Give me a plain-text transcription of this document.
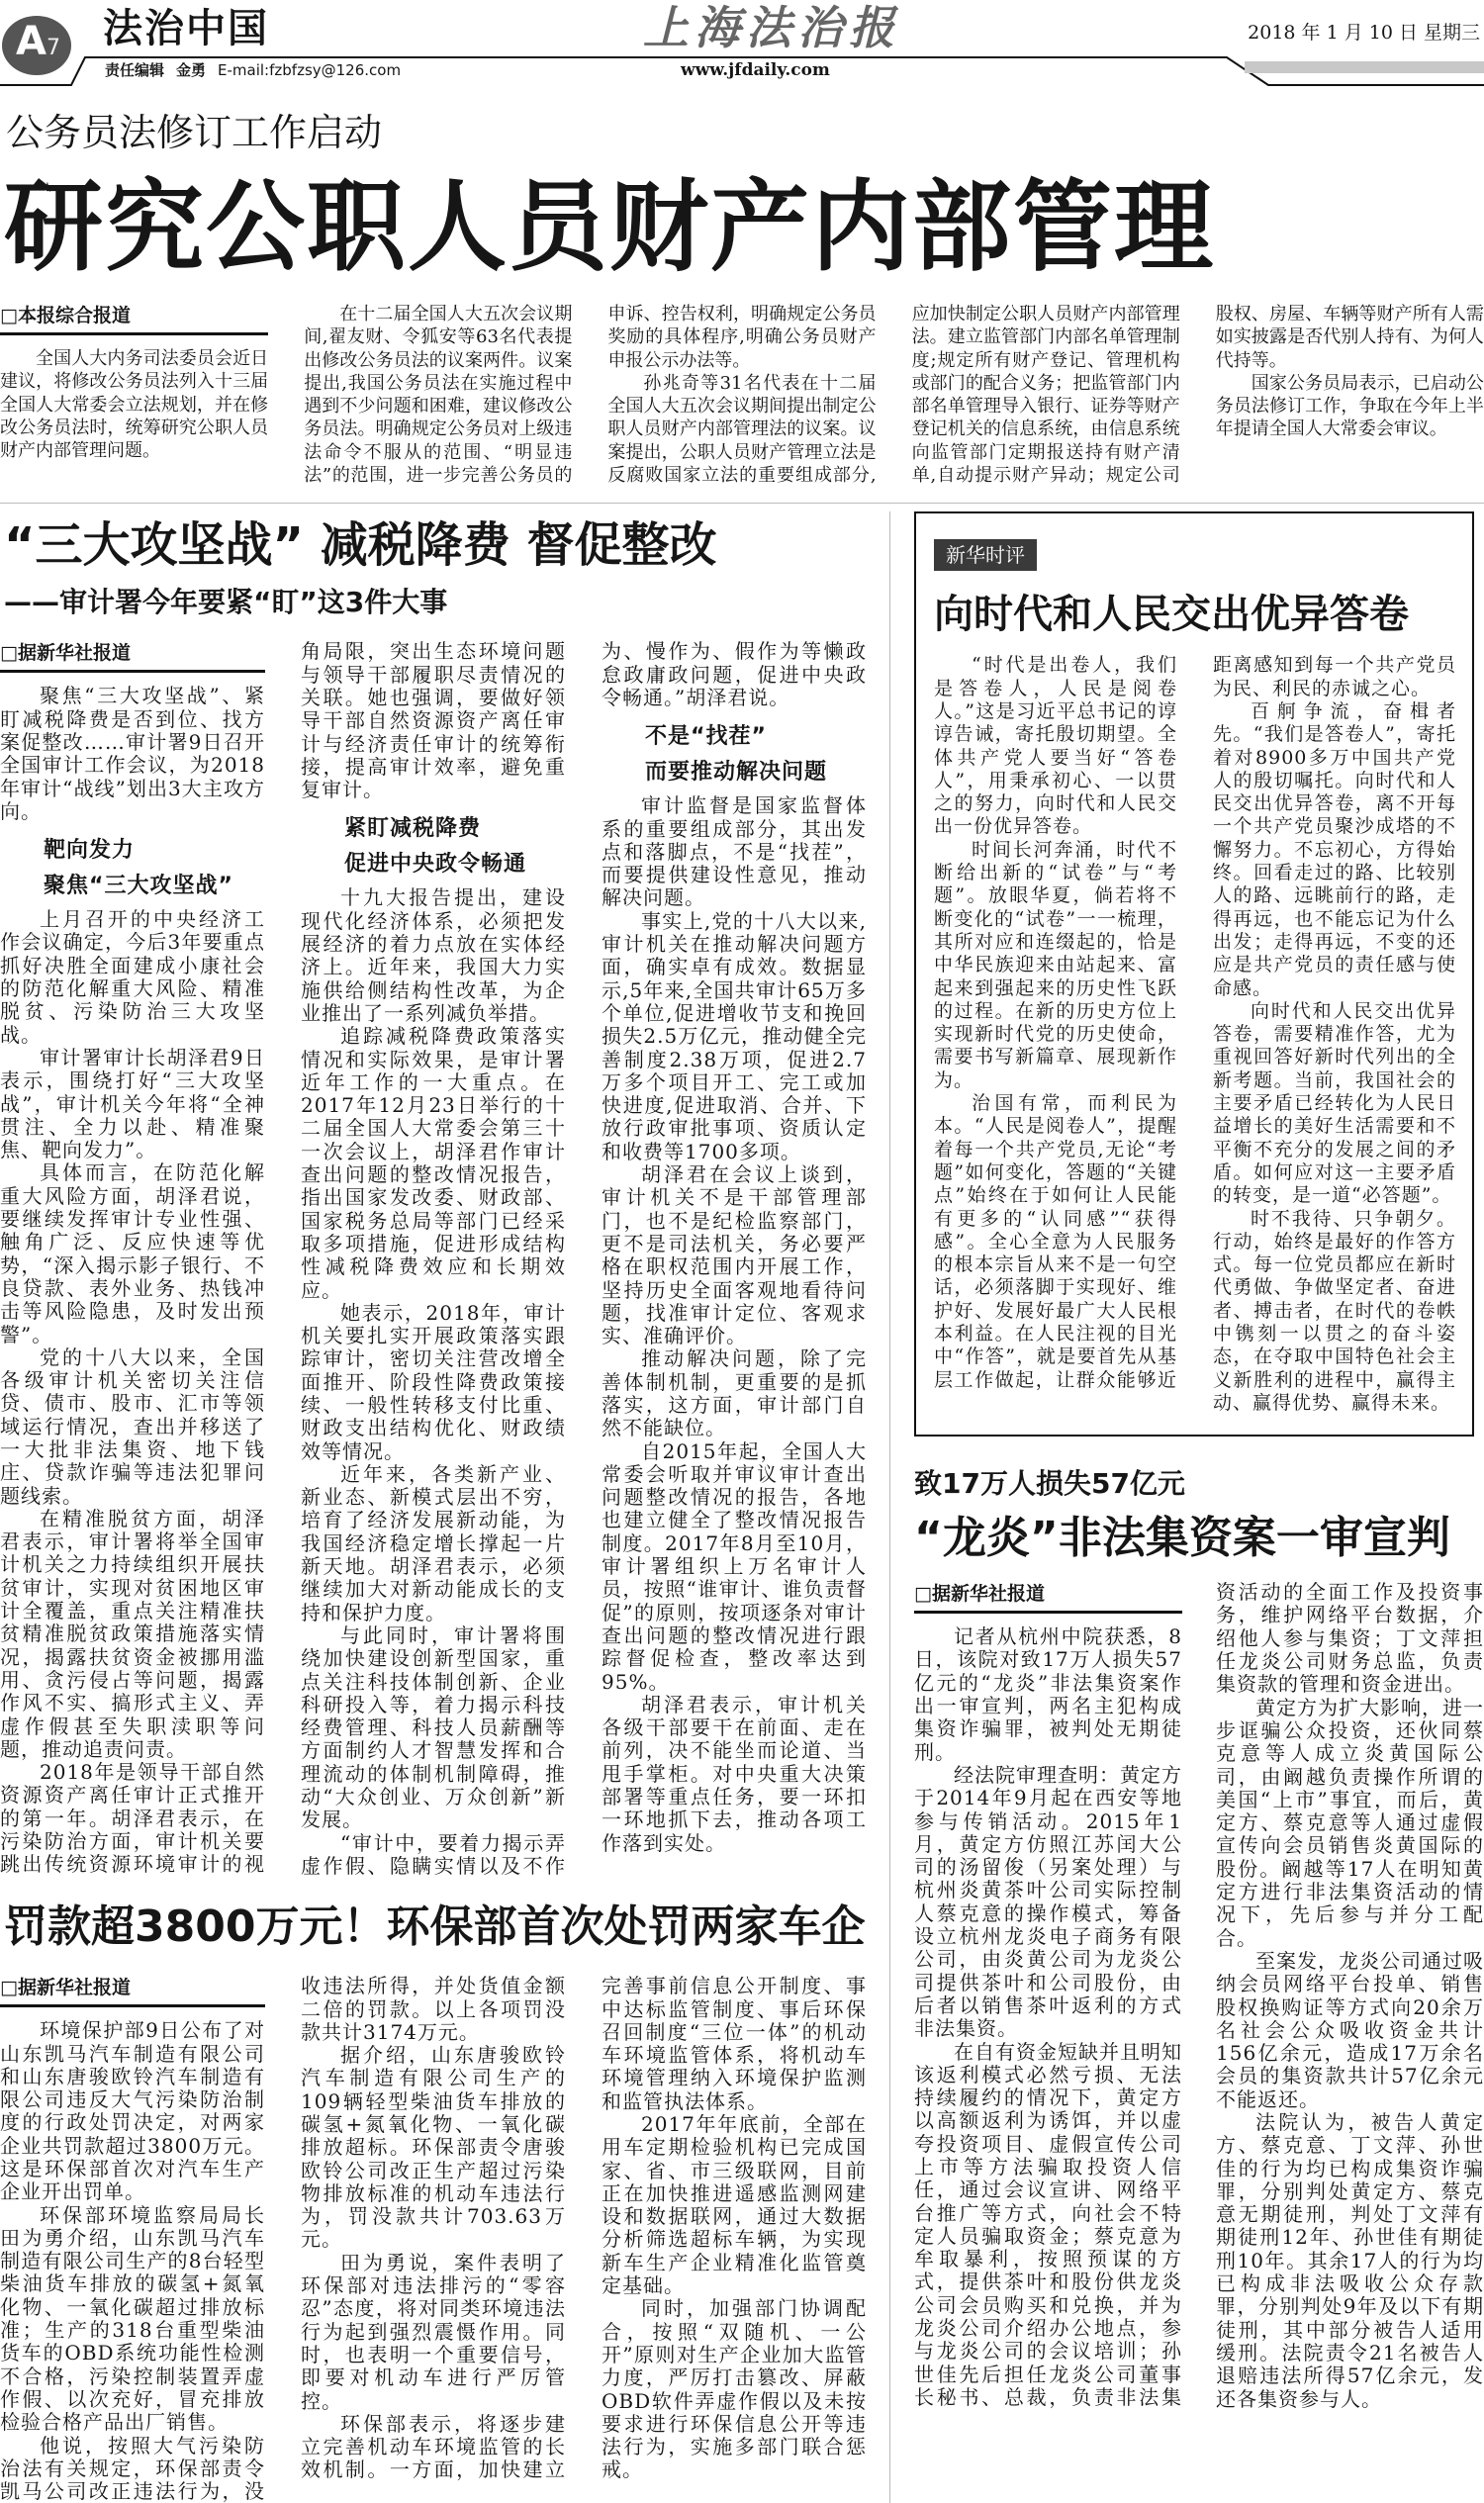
A7 法治中国	上海法治报	2018 年 1 月 10 日 星期三
责任编辑 金勇 E-mail:fzbfzsy@126.com	www.jfdaily.com
公务员法修订工作启动
研究公职人员财产内部管理

□本报综合报道

全国人大内务司法委员会近日建议，将修改公务员法列入十三届全国人大常委会立法规划，并在修改公务员法时，统筹研究公职人员财产内部管理问题。

在十二届全国人大五次会议期间,翟友财、令狐安等63名代表提出修改公务员法的议案两件。议案提出,我国公务员法在实施过程中遇到不少问题和困难，建议修改公务员法。明确规定公务员对上级违法命令不服从的范围、“明显违法”的范围，进一步完善公务员的申诉、控告权利，明确规定公务员奖励的具体程序,明确公务员财产申报公示办法等。

孙兆奇等31名代表在十二届全国人大五次会议期间提出制定公职人员财产内部管理法的议案。议案提出，公职人员财产管理立法是反腐败国家立法的重要组成部分,应加快制定公职人员财产内部管理法。建立监管部门内部名单管理制度;规定所有财产登记、管理机构或部门的配合义务；把监管部门内部名单管理导入银行、证券等财产登记机关的信息系统，由信息系统向监管部门定期报送持有财产清单,自动提示财产异动；规定公司股权、房屋、车辆等财产所有人需如实披露是否代别人持有、为何人代持等。

国家公务员局表示，已启动公务员法修订工作，争取在今年上半年提请全国人大常委会审议。

“三大攻坚战” 减税降费 督促整改
——审计署今年要紧“盯”这3件大事

□据新华社报道

聚焦“三大攻坚战”、紧盯减税降费是否到位、找方案促整改……审计署9日召开全国审计工作会议，为2018年审计“战线”划出3大主攻方向。

靶向发力

聚焦“三大攻坚战”

上月召开的中央经济工作会议确定，今后3年要重点抓好决胜全面建成小康社会的防范化解重大风险、精准脱贫、污染防治三大攻坚战。

审计署审计长胡泽君9日表示，围绕打好“三大攻坚战”，审计机关今年将“全神贯注、全力以赴、精准聚焦、靶向发力”。

具体而言，在防范化解重大风险方面，胡泽君说，要继续发挥审计专业性强、触角广泛、反应快速等优势，“深入揭示影子银行、不良贷款、表外业务、热钱冲击等风险隐患，及时发出预警”。

党的十八大以来，全国各级审计机关密切关注信贷、债市、股市、汇市等领域运行情况，查出并移送了一大批非法集资、地下钱庄、贷款诈骗等违法犯罪问题线索。

在精准脱贫方面，胡泽君表示，审计署将举全国审计机关之力持续组织开展扶贫审计，实现对贫困地区审计全覆盖，重点关注精准扶贫精准脱贫政策措施落实情况，揭露扶贫资金被挪用滥用、贪污侵占等问题，揭露作风不实、搞形式主义、弄虚作假甚至失职渎职等问题，推动追责问责。

2018年是领导干部自然资源资产离任审计正式推开的第一年。胡泽君表示，在污染防治方面，审计机关要跳出传统资源环境审计的视角局限，突出生态环境问题与领导干部履职尽责情况的关联。她也强调，要做好领导干部自然资源资产离任审计与经济责任审计的统筹衔接，提高审计效率，避免重复审计。

紧盯减税降费

促进中央政令畅通

十九大报告提出，建设现代化经济体系，必须把发展经济的着力点放在实体经济上。近年来，我国大力实施供给侧结构性改革，为企业推出了一系列减负举措。

追踪减税降费政策落实情况和实际效果，是审计署近年工作的一大重点。在2017年12月23日举行的十二届全国人大常委会第三十一次会议上，胡泽君作审计查出问题的整改情况报告，指出国家发改委、财政部、国家税务总局等部门已经采取多项措施，促进形成结构性减税降费效应和长期效应。

她表示，2018年，审计机关要扎实开展政策落实跟踪审计，密切关注营改增全面推开、阶段性降费政策接续、一般性转移支付比重、财政支出结构优化、财政绩效等情况。

近年来，各类新产业、新业态、新模式层出不穷，培育了经济发展新动能，为我国经济稳定增长撑起一片新天地。胡泽君表示，必须继续加大对新动能成长的支持和保护力度。

与此同时，审计署将围绕加快建设创新型国家，重点关注科技体制创新、企业科研投入等，着力揭示科技经费管理、科技人员薪酬等方面制约人才智慧发挥和合理流动的体制机制障碍，推动“大众创业、万众创新”新发展。

“审计中，要着力揭示弄虚作假、隐瞒实情以及不作为、慢作为、假作为等懒政怠政庸政问题，促进中央政令畅通。”胡泽君说。

不是“找茬”

而要推动解决问题

审计监督是国家监督体系的重要组成部分，其出发点和落脚点，不是“找茬”，而要提供建设性意见，推动解决问题。

事实上,党的十八大以来,审计机关在推动解决问题方面，确实卓有成效。数据显示,5年来,全国共审计65万多个单位,促进增收节支和挽回损失2.5万亿元，推动健全完善制度2.38万项，促进2.7万多个项目开工、完工或加快进度,促进取消、合并、下放行政审批事项、资质认定和收费等1700多项。

胡泽君在会议上谈到，审计机关不是干部管理部门，也不是纪检监察部门，更不是司法机关，务必要严格在职权范围内开展工作，坚持历史全面客观地看待问题，找准审计定位、客观求实、准确评价。

推动解决问题，除了完善体制机制，更重要的是抓落实，这方面，审计部门自然不能缺位。

自2015年起，全国人大常委会听取并审议审计查出问题整改情况的报告，各地也建立健全了整改情况报告制度。2017年8月至10月，审计署组织上万名审计人员，按照“谁审计、谁负责督促”的原则，按项逐条对审计查出问题的整改情况进行跟踪督促检查，整改率达到95%。

胡泽君表示，审计机关各级干部要干在前面、走在前列，决不能坐而论道、当甩手掌柜。对中央重大决策部署等重点任务，要一环扣一环地抓下去，推动各项工作落到实处。

罚款超3800万元！环保部首次处罚两家车企

□据新华社报道

环境保护部9日公布了对山东凯马汽车制造有限公司和山东唐骏欧铃汽车制造有限公司违反大气污染防治制度的行政处罚决定，对两家企业共罚款超过3800万元。这是环保部首次对汽车生产企业开出罚单。

环保部环境监察局局长田为勇介绍，山东凯马汽车制造有限公司生产的8台轻型柴油货车排放的碳氢+氮氧化物、一氧化碳超过排放标准；生产的318台重型柴油货车的OBD系统功能性检测不合格，污染控制装置弄虚作假、以次充好，冒充排放检验合格产品出厂销售。

他说，按照大气污染防治法有关规定，环保部责令凯马公司改正违法行为，没收违法所得，并处货值金额二倍的罚款。以上各项罚没款共计3174万元。

据介绍，山东唐骏欧铃汽车制造有限公司生产的109辆轻型柴油货车排放的碳氢+氮氧化物、一氧化碳排放超标。环保部责令唐骏欧铃公司改正生产超过污染物排放标准的机动车违法行为，罚没款共计703.63万元。

田为勇说，案件表明了环保部对违法排污的“零容忍”态度，将对同类环境违法行为起到强烈震慑作用。同时，也表明一个重要信号，即要对机动车进行严厉管控。

环保部表示，将逐步建立完善机动车环境监管的长效机制。一方面，加快建立完善事前信息公开制度、事中达标监管制度、事后环保召回制度“三位一体”的机动车环境监管体系，将机动车环境管理纳入环境保护监测和监管执法体系。

2017年年底前，全部在用车定期检验机构已完成国家、省、市三级联网，目前正在加快推进遥感监测网建设和数据联网，通过大数据分析筛选超标车辆，为实现新车生产企业精准化监管奠定基础。

同时，加强部门协调配合，按照“双随机、一公开”原则对生产企业加大监管力度，严厉打击篡改、屏蔽OBD软件弄虚作假以及未按要求进行环保信息公开等违法行为，实施多部门联合惩戒。

新华时评
向时代和人民交出优异答卷

“时代是出卷人，我们是答卷人，人民是阅卷人。”这是习近平总书记的谆谆告诫，寄托殷切期望。全体共产党人要当好“答卷人”，用秉承初心、一以贯之的努力，向时代和人民交出一份优异答卷。

时间长河奔涌，时代不断给出新的“试卷”与“考题”。放眼华夏，倘若将不断变化的“试卷”一一梳理，其所对应和连缀起的，恰是中华民族迎来由站起来、富起来到强起来的历史性飞跃的过程。在新的历史方位上实现新时代党的历史使命，需要书写新篇章、展现新作为。

治国有常，而利民为本。“人民是阅卷人”，提醒着每一个共产党员,无论“考题”如何变化，答题的“关键点”始终在于如何让人民能有更多的“认同感”“获得感”。全心全意为人民服务的根本宗旨从来不是一句空话，必须落脚于实现好、维护好、发展好最广大人民根本利益。在人民注视的目光中“作答”，就是要首先从基层工作做起，让群众能够近距离感知到每一个共产党员为民、利民的赤诚之心。

百舸争流，奋楫者先。“我们是答卷人”，寄托着对8900多万中国共产党人的殷切嘱托。向时代和人民交出优异答卷，离不开每一个共产党员聚沙成塔的不懈努力。不忘初心，方得始终。回看走过的路、比较别人的路、远眺前行的路，走得再远，也不能忘记为什么出发；走得再远，不变的还应是共产党员的责任感与使命感。

向时代和人民交出优异答卷，需要精准作答，尤为重视回答好新时代列出的全新考题。当前，我国社会的主要矛盾已经转化为人民日益增长的美好生活需要和不平衡不充分的发展之间的矛盾。如何应对这一主要矛盾的转变，是一道“必答题”。

时不我待、只争朝夕。行动，始终是最好的作答方式。每一位党员都应在新时代勇做、争做坚定者、奋进者、搏击者，在时代的卷帙中镌刻一以贯之的奋斗姿态，在夺取中国特色社会主义新胜利的进程中，赢得主动、赢得优势、赢得未来。

致17万人损失57亿元
“龙炎”非法集资案一审宣判

□据新华社报道

记者从杭州中院获悉，8日，该院对致17万人损失57亿元的“龙炎”非法集资案作出一审宣判，两名主犯构成集资诈骗罪，被判处无期徒刑。

经法院审理查明：黄定方于2014年9月起在西安等地参与传销活动。2015年1月，黄定方仿照江苏闰大公司的汤留俊（另案处理）与杭州炎黄茶叶公司实际控制人蔡克意的操作模式，筹备设立杭州龙炎电子商务有限公司，由炎黄公司为龙炎公司提供茶叶和公司股份，由后者以销售茶叶返利的方式非法集资。

在自有资金短缺并且明知该返利模式必然亏损、无法持续履约的情况下，黄定方以高额返利为诱饵，并以虚夸投资项目、虚假宣传公司上市等方法骗取投资人信任，通过会议宣讲、网络平台推广等方式，向社会不特定人员骗取资金；蔡克意为牟取暴利，按照预谋的方式，提供茶叶和股份供龙炎公司会员购买和兑换，并为龙炎公司介绍办公地点，参与龙炎公司的会议培训；孙世佳先后担任龙炎公司董事长秘书、总裁，负责非法集资活动的全面工作及投资事务，维护网络平台数据，介绍他人参与集资；丁文萍担任龙炎公司财务总监，负责集资款的管理和资金进出。

黄定方为扩大影响，进一步诓骗公众投资，还伙同蔡克意等人成立炎黄国际公司，由阚越负责操作所谓的美国“上市”事宜，而后，黄定方、蔡克意等人通过虚假宣传向会员销售炎黄国际的股份。阚越等17人在明知黄定方进行非法集资活动的情况下，先后参与并分工配合。

至案发，龙炎公司通过吸纳会员网络平台投单、销售股权换购证等方式向20余万名社会公众吸收资金共计156亿余元，造成17万余名会员的集资款共计57亿余元不能返还。

法院认为，被告人黄定方、蔡克意、丁文萍、孙世佳的行为均已构成集资诈骗罪，分别判处黄定方、蔡克意无期徒刑，判处丁文萍有期徒刑12年、孙世佳有期徒刑10年。其余17人的行为均已构成非法吸收公众存款罪，分别判处9年及以下有期徒刑，其中部分被告人适用缓刑。法院责令21名被告人退赔违法所得57亿余元，发还各集资参与人。
